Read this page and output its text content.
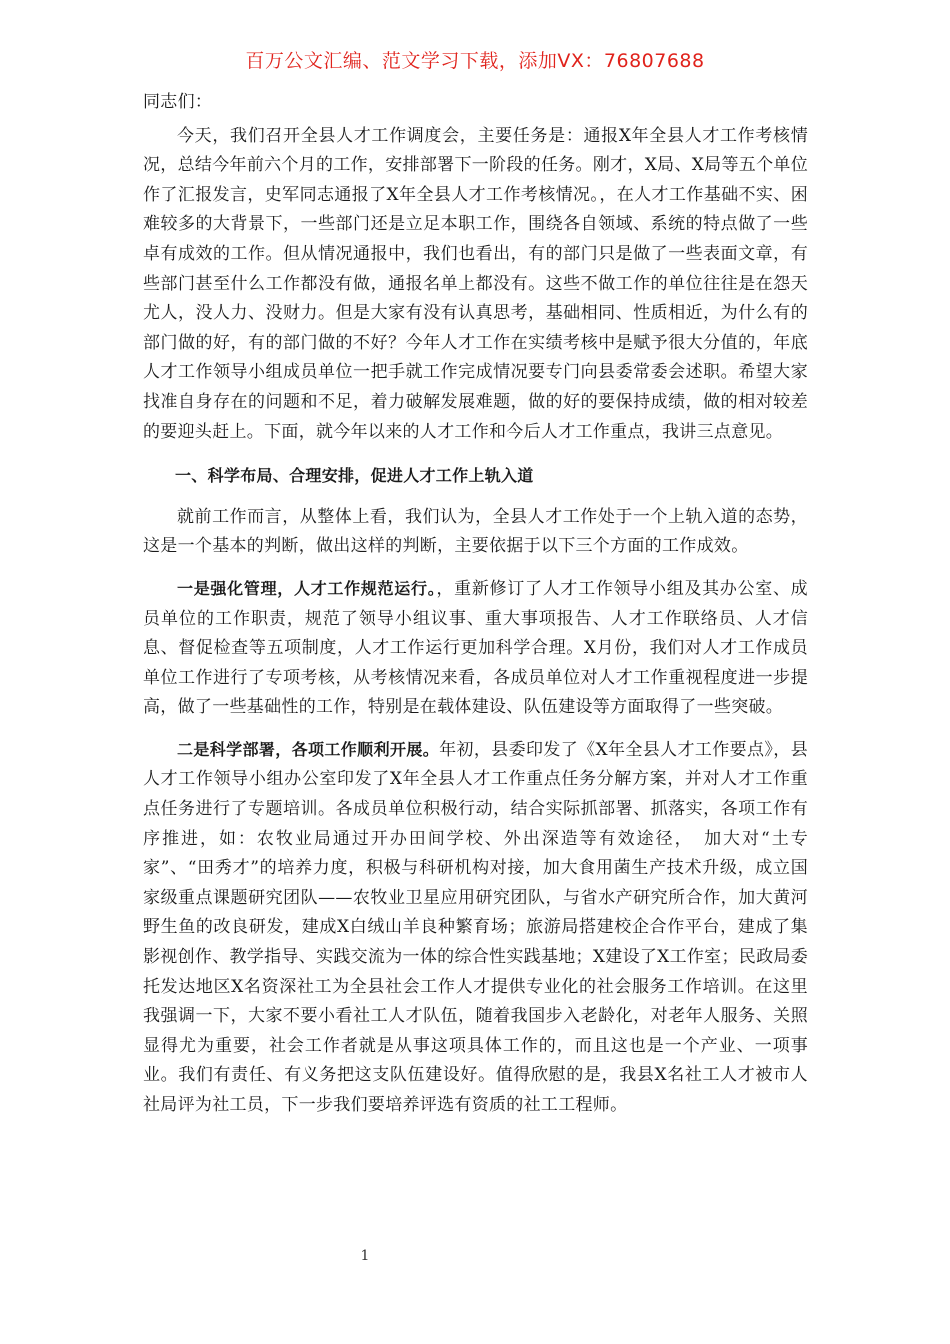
百万公文汇编、范文学习下载，添加VX：76807688

同志们：

今天，我们召开全县人才工作调度会，主要任务是：通报X年全县人才工作考核情况，总结今年前六个月的工作，安排部署下一阶段的任务。刚才，X局、X局等五个单位作了汇报发言，史军同志通报了X年全县人才工作考核情况。，在人才工作基础不实、困难较多的大背景下，一些部门还是立足本职工作，围绕各自领域、系统的特点做了一些卓有成效的工作。但从情况通报中，我们也看出，有的部门只是做了一些表面文章，有些部门甚至什么工作都没有做，通报名单上都没有。这些不做工作的单位往往是在怨天尤人，没人力、没财力。但是大家有没有认真思考，基础相同、性质相近，为什么有的部门做的好，有的部门做的不好？今年人才工作在实绩考核中是赋予很大分值的，年底人才工作领导小组成员单位一把手就工作完成情况要专门向县委常委会述职。希望大家找准自身存在的问题和不足，着力破解发展难题，做的好的要保持成绩，做的相对较差的要迎头赶上。下面，就今年以来的人才工作和今后人才工作重点，我讲三点意见。

一、科学布局、合理安排，促进人才工作上轨入道

就前工作而言，从整体上看，我们认为，全县人才工作处于一个上轨入道的态势，这是一个基本的判断，做出这样的判断，主要依据于以下三个方面的工作成效。

一是强化管理，人才工作规范运行。，重新修订了人才工作领导小组及其办公室、成员单位的工作职责，规范了领导小组议事、重大事项报告、人才工作联络员、人才信息、督促检查等五项制度，人才工作运行更加科学合理。X月份，我们对人才工作成员单位工作进行了专项考核，从考核情况来看，各成员单位对人才工作重视程度进一步提高，做了一些基础性的工作，特别是在载体建设、队伍建设等方面取得了一些突破。

二是科学部署，各项工作顺利开展。年初，县委印发了《X年全县人才工作要点》，县人才工作领导小组办公室印发了X年全县人才工作重点任务分解方案，并对人才工作重点任务进行了专题培训。各成员单位积极行动，结合实际抓部署、抓落实，各项工作有序推进，如：农牧业局通过开办田间学校、外出深造等有效途径，　加大对“土专家”、“田秀才”的培养力度，积极与科研机构对接，加大食用菌生产技术升级，成立国家级重点课题研究团队——农牧业卫星应用研究团队，与省水产研究所合作，加大黄河野生鱼的改良研发，建成X白绒山羊良种繁育场；旅游局搭建校企合作平台，建成了集影视创作、教学指导、实践交流为一体的综合性实践基地；X建设了X工作室；民政局委托发达地区X名资深社工为全县社会工作人才提供专业化的社会服务工作培训。在这里我强调一下，大家不要小看社工人才队伍，随着我国步入老龄化，对老年人服务、关照显得尤为重要，社会工作者就是从事这项具体工作的，而且这也是一个产业、一项事业。我们有责任、有义务把这支队伍建设好。值得欣慰的是，我县X名社工人才被市人社局评为社工员，下一步我们要培养评选有资质的社工工程师。

1
